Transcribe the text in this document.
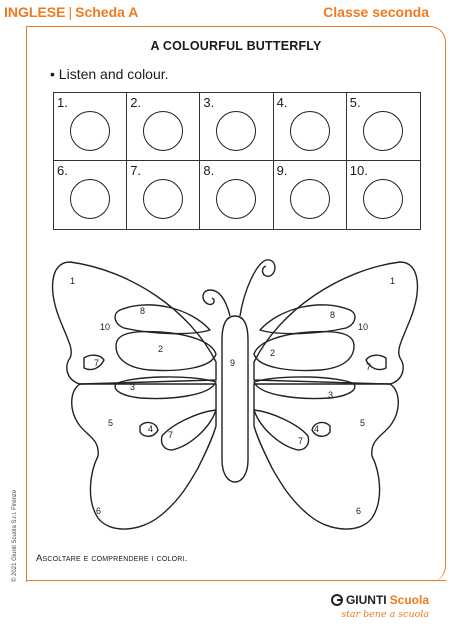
INGLESE | Scheda A	Classe seconda
A COLOURFUL BUTTERFLY
• Listen and colour.
1.	2.	3.	4.	5.
6.	7.	8.	9.	10.
1	1
8	8
10	10
2	2
9
7	7
3
3
5	5
4	4
7
7
6	6
Ascoltare e comprendere i colori.
© 2021 Giunti Scuola S.r.l. Firenze
GIUNTI Scuola
star bene a scuola
